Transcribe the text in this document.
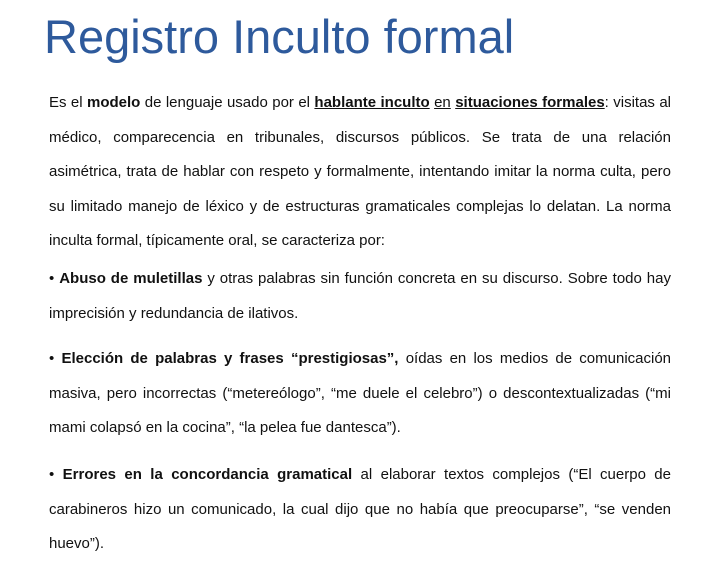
Registro Inculto formal

Es el modelo de lenguaje usado por el hablante inculto en situaciones formales: visitas al médico, comparecencia en tribunales, discursos públicos. Se trata de una relación asimétrica, trata de hablar con respeto y formalmente, intentando imitar la norma culta, pero su limitado manejo de léxico y de estructuras gramaticales complejas lo delatan. La norma inculta formal, típicamente oral, se caracteriza por:

• Abuso de muletillas y otras palabras sin función concreta en su discurso. Sobre todo hay imprecisión y redundancia de ilativos.

• Elección de palabras y frases “prestigiosas”, oídas en los medios de comunicación masiva, pero incorrectas (“metereólogo”, “me duele el celebro”) o descontextualizadas (“mi mami colapsó en la cocina”, “la pelea fue dantesca”).

• Errores en la concordancia gramatical al elaborar textos complejos (“El cuerpo de carabineros hizo un comunicado, la cual dijo que no había que preocuparse”, “se venden huevo”).
